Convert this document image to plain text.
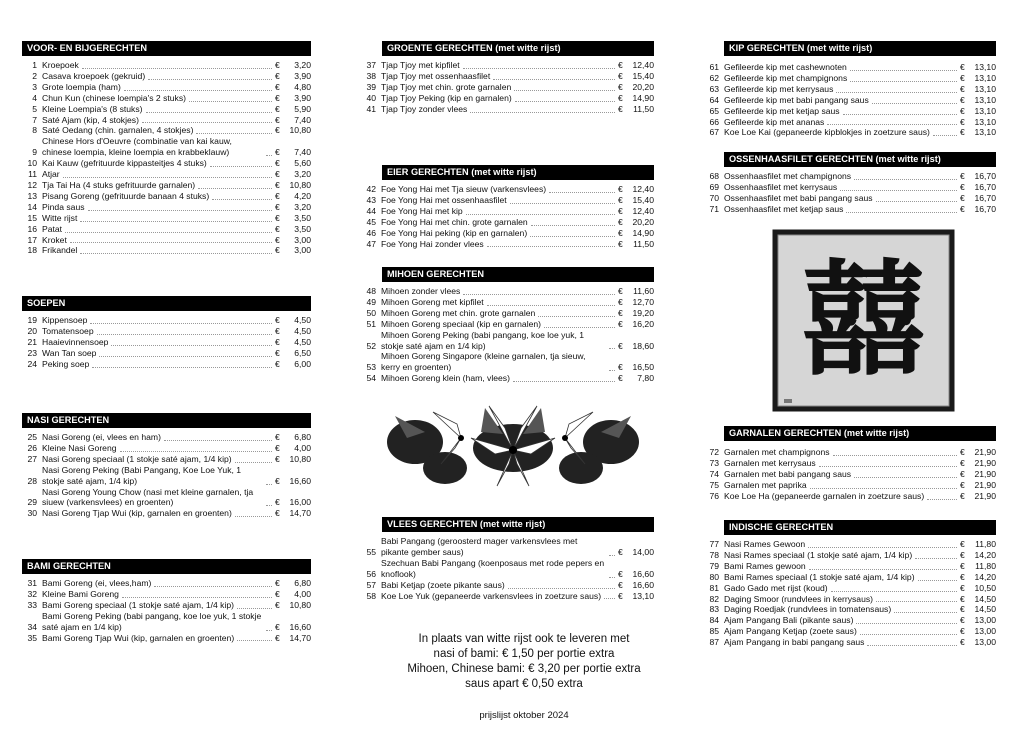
VOOR- EN BIJGERECHTEN
1 Kroepoek	€	3,20
2 Casava kroepoek (gekruid)	€	3,90
3 Grote loempia (ham)	€	4,80
4 Chun Kun (chinese loempia's 2 stuks)	€	3,90
5 Kleine Loempia's (8 stuks)	€	5,90
7 Saté Ajam (kip, 4 stokjes)	€	7,40
8 Saté Oedang (chin. garnalen, 4 stokjes)	€	10,80
9
Chinese Hors d'Oeuvre (combinatie van kai kauw, chinese loempia, kleine loempia en krabbeklauw)	€	7,40
10 Kai Kauw (gefrituurde kippasteitjes 4 stuks)	€	5,60
11 Atjar	€	3,20
12 Tja Tai Ha (4 stuks gefrituurde garnalen)	€	10,80
13 Pisang Goreng (gefrituurde banaan 4 stuks)	€	4,20
14 Pinda saus	€	3,20
15 Witte rijst	€	3,50
16 Patat	€	3,50
17 Kroket	€	3,00
18 Frikandel	€	3,00
SOEPEN
19 Kippensoep	€	4,50
20 Tomatensoep	€	4,50
21 Haaievinnensoep	€	4,50
23 Wan Tan soep	€	6,50
24 Peking soep	€	6,00
NASI GERECHTEN
25 Nasi Goreng (ei, vlees en ham)	€	6,80
26 Kleine Nasi Goreng	€	4,00
27 Nasi Goreng speciaal (1 stokje saté ajam, 1/4 kip)	€	10,80
28
Nasi Goreng Peking (Babi Pangang, Koe Loe Yuk, 1 stokje saté ajam, 1/4 kip)	€	16,60
29
Nasi Goreng Young Chow (nasi met kleine garnalen, tja siuew (varkensvlees) en groenten)	€	16,00
30 Nasi Goreng Tjap Wui (kip, garnalen en groenten)	€	14,70
BAMI GERECHTEN
31 Bami Goreng (ei, vlees,ham)	€	6,80
32 Kleine Bami Goreng	€	4,00
33 Bami Goreng speciaal (1 stokje saté ajam, 1/4 kip)	€	10,80
34
Bami Goreng Peking (babi pangang, koe loe yuk, 1 stokje saté ajam en 1/4 kip)	€	16,60
35 Bami Goreng Tjap Wui (kip, garnalen en groenten)	€	14,70
GROENTE GERECHTEN (met witte rijst)
37 Tjap Tjoy met kipfilet	€	12,40
38 Tjap Tjoy met ossenhaasfilet	€	15,40
39 Tjap Tjoy met chin. grote garnalen	€	20,20
40 Tjap Tjoy Peking (kip en garnalen)	€	14,90
41 Tjap Tjoy zonder vlees	€	11,50
EIER GERECHTEN (met witte rijst)
42 Foe Yong Hai met Tja sieuw (varkensvlees)	€	12,40
43 Foe Yong Hai met ossenhaasfilet	€	15,40
44 Foe Yong Hai met kip	€	12,40
45 Foe Yong Hai met chin. grote garnalen	€	20,20
46 Foe Yong Hai peking (kip en garnalen)	€	14,90
47 Foe Yong Hai zonder vlees	€	11,50
MIHOEN GERECHTEN
48 Mihoen zonder vlees	€	11,60
49 Mihoen Goreng met kipfilet	€	12,70
50 Mihoen Goreng met chin. grote garnalen	€	19,20
51 Mihoen Goreng speciaal (kip en garnalen)	€	16,20
52
Mihoen Goreng Peking (babi pangang, koe loe yuk, 1 stokje saté ajam en 1/4 kip)	€	18,60
53
Mihoen Goreng Singapore (kleine garnalen, tja sieuw, kerry en groenten)	€	16,50
54 Mihoen Goreng klein (ham, vlees)	€	7,80
VLEES GERECHTEN (met witte rijst)
55
Babi Pangang (geroosterd mager varkensvlees met pikante gember saus)	€	14,00
56
Szechuan Babi Pangang (koenposaus met rode pepers en knoflook)	€	16,60
57 Babi Ketjap (zoete pikante saus)	€	16,60
58 Koe Loe Yuk (gepaneerde varkensvlees in zoetzure saus) €	13,10
In plaats van witte rijst ook te leveren met
nasi of bami: € 1,50 per portie extra
Mihoen, Chinese bami: € 3,20 per portie extra
saus apart € 0,50 extra
prijslijst oktober 2024
KIP GERECHTEN (met witte rijst)
61 Gefileerde kip met cashewnoten	€	13,10
62 Gefileerde kip met champignons	€	13,10
63 Gefileerde kip met kerrysaus	€	13,10
64 Gefileerde kip met babi pangang saus	€	13,10
65 Gefileerde kip met ketjap saus	€	13,10
66 Gefileerde kip met ananas	€	13,10
67 Koe Loe Kai (gepaneerde kipblokjes in zoetzure saus)	€	13,10
OSSENHAASFILET GERECHTEN (met witte rijst)
68 Ossenhaasfilet met champignons	€	16,70
69 Ossenhaasfilet met kerrysaus	€	16,70
70 Ossenhaasfilet met babi pangang saus	€	16,70
71 Ossenhaasfilet met ketjap saus	€	16,70
囍
GARNALEN GERECHTEN (met witte rijst)
72 Garnalen met champignons	€	21,90
73 Garnalen met kerrysaus	€	21,90
74 Garnalen met babi pangang saus	€	21,90
75 Garnalen met paprika	€	21,90
76 Koe Loe Ha (gepaneerde garnalen in zoetzure saus)	€	21,90
INDISCHE GERECHTEN
77 Nasi Rames Gewoon	€	11,80
78 Nasi Rames speciaal (1 stokje saté ajam, 1/4 kip)	€	14,20
79 Bami Rames gewoon	€	11,80
80 Bami Rames speciaal (1 stokje saté ajam, 1/4 kip)	€	14,20
81 Gado Gado met rijst (koud)	€	10,50
82 Daging Smoor (rundvlees in kerrysaus)	€	14,50
83 Daging Roedjak (rundvlees in tomatensaus)	€	14,50
84 Ajam Pangang Bali (pikante saus)	€	13,00
85 Ajam Pangang Ketjap (zoete saus)	€	13,00
87 Ajam Pangang in babi pangang saus	€	13,00
